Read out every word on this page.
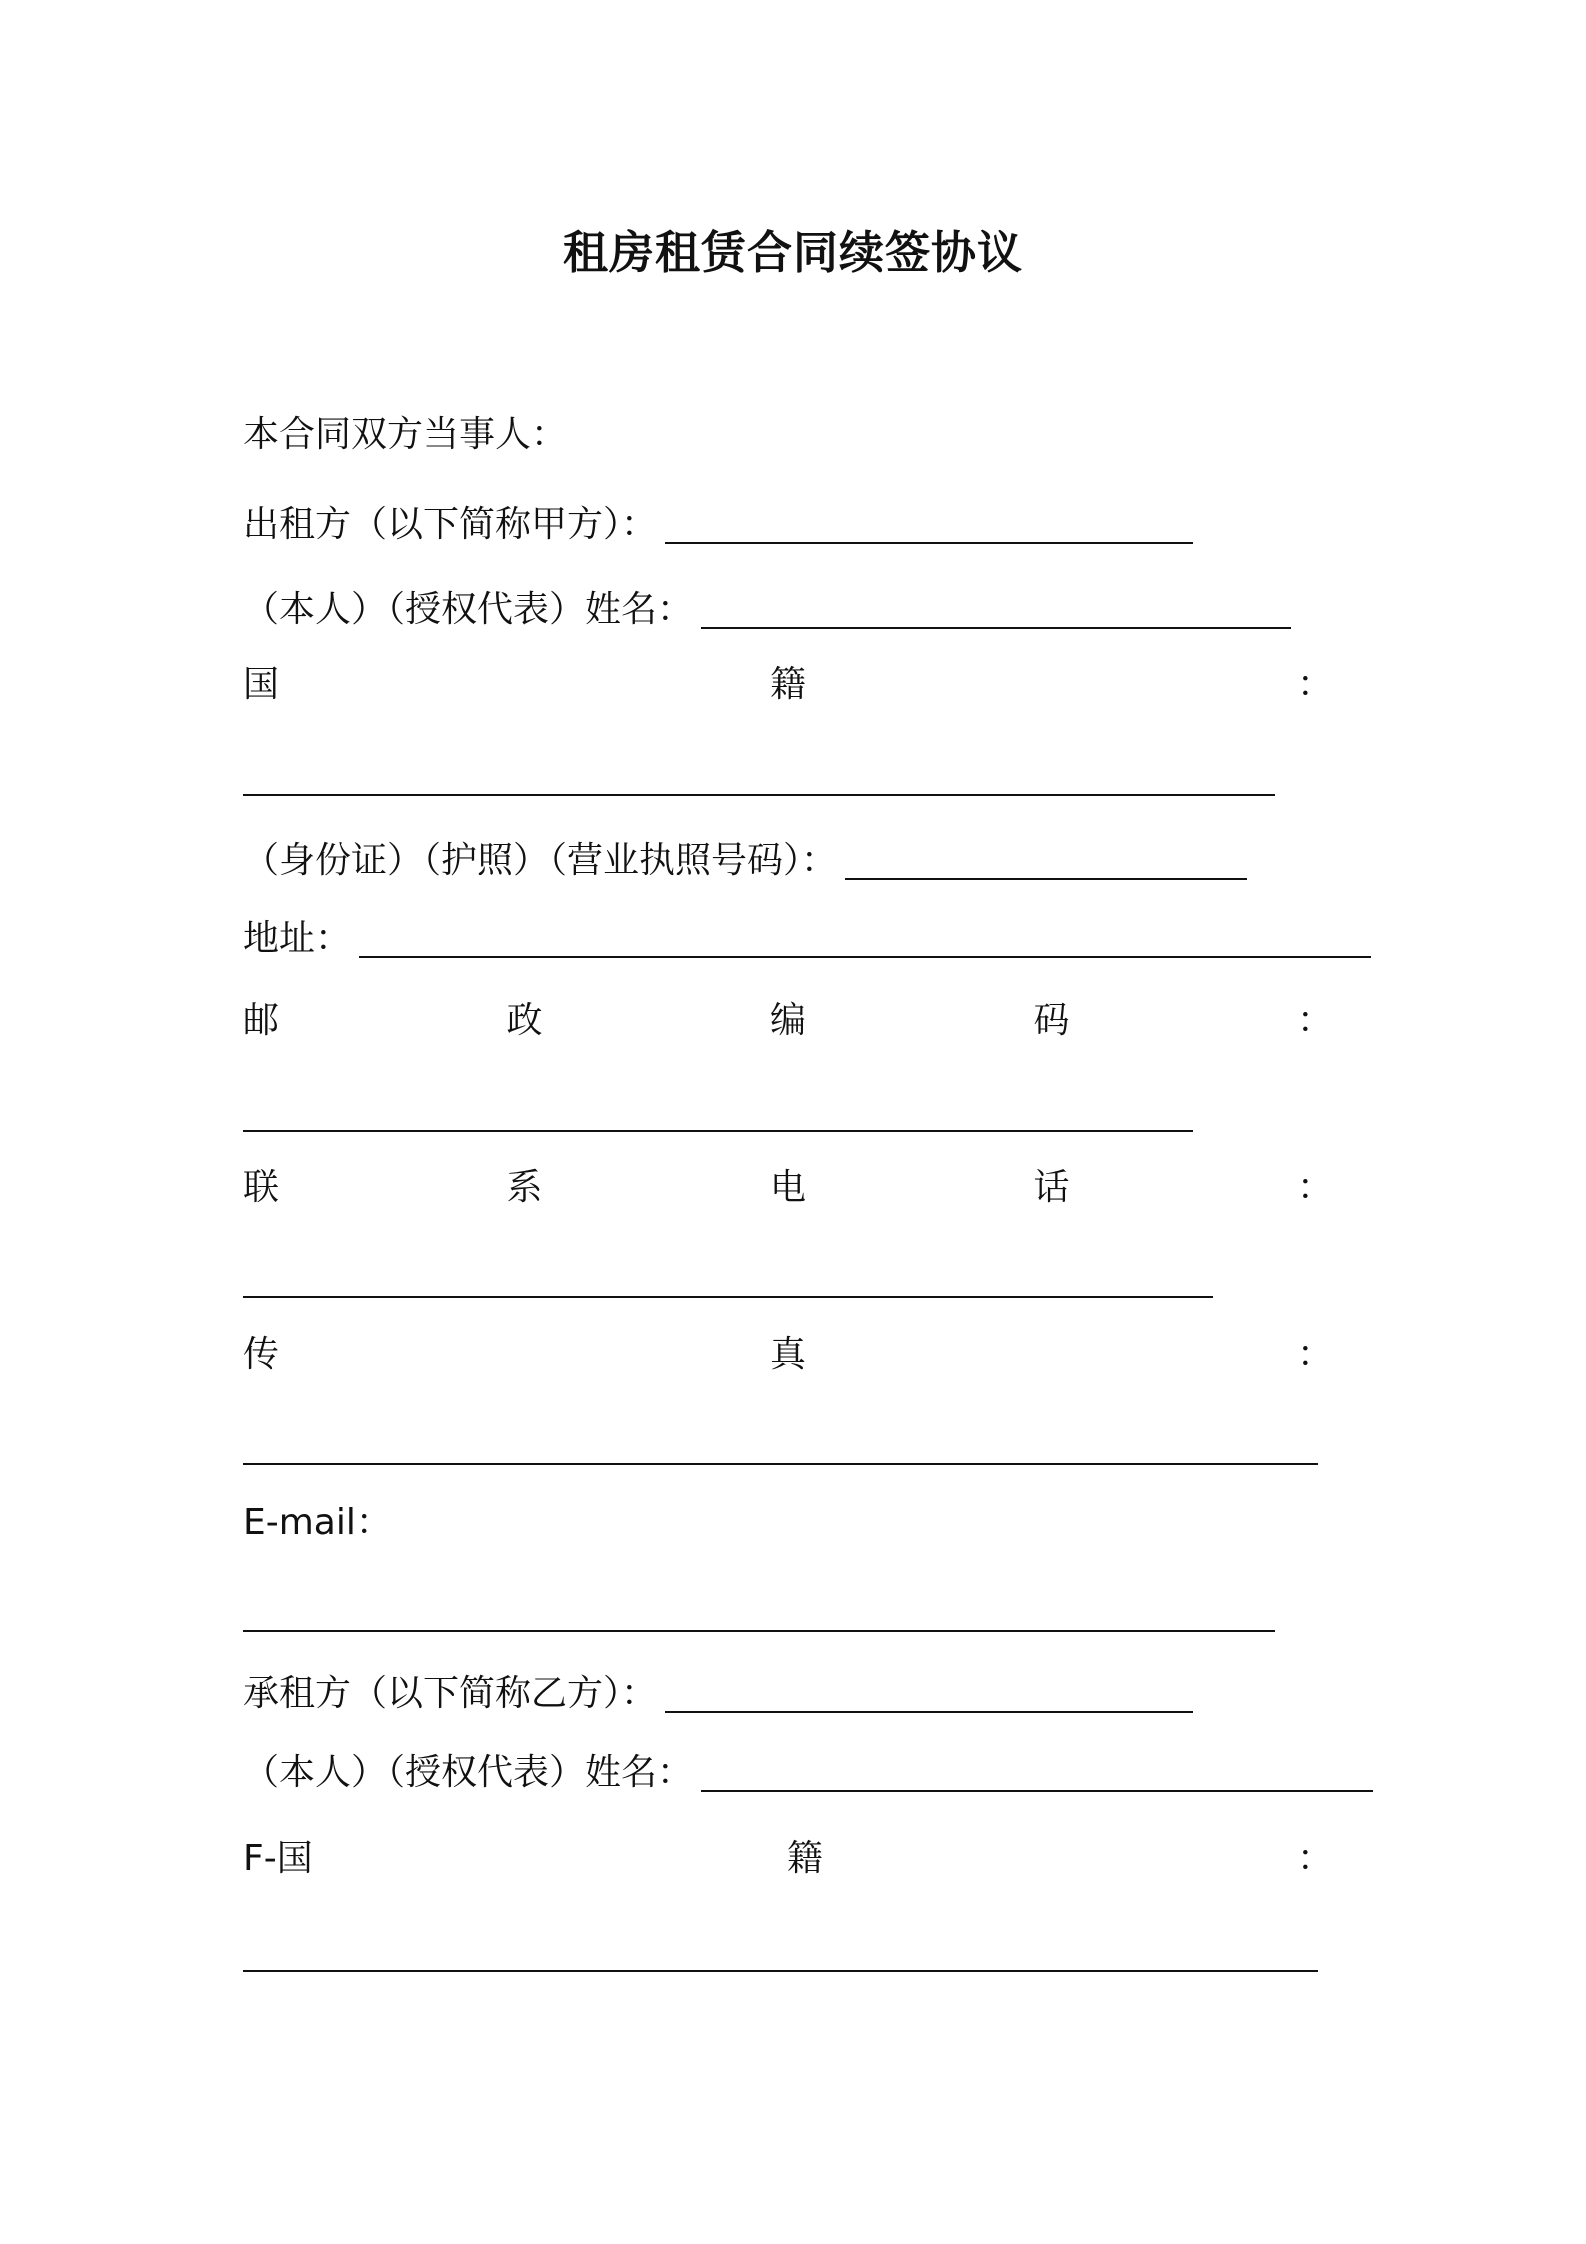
租房租赁合同续签协议
本合同双方当事人：
出租方（以下简称甲方）：
（本人）（授权代表）姓名：
国	籍	：
（身份证）（护照）（营业执照号码）：
地址：
邮	政	编	码	：
联	系	电	话	：
传	真	：
E-mail：
承租方（以下简称乙方）：
（本人）（授权代表）姓名：
F-国	籍	：
